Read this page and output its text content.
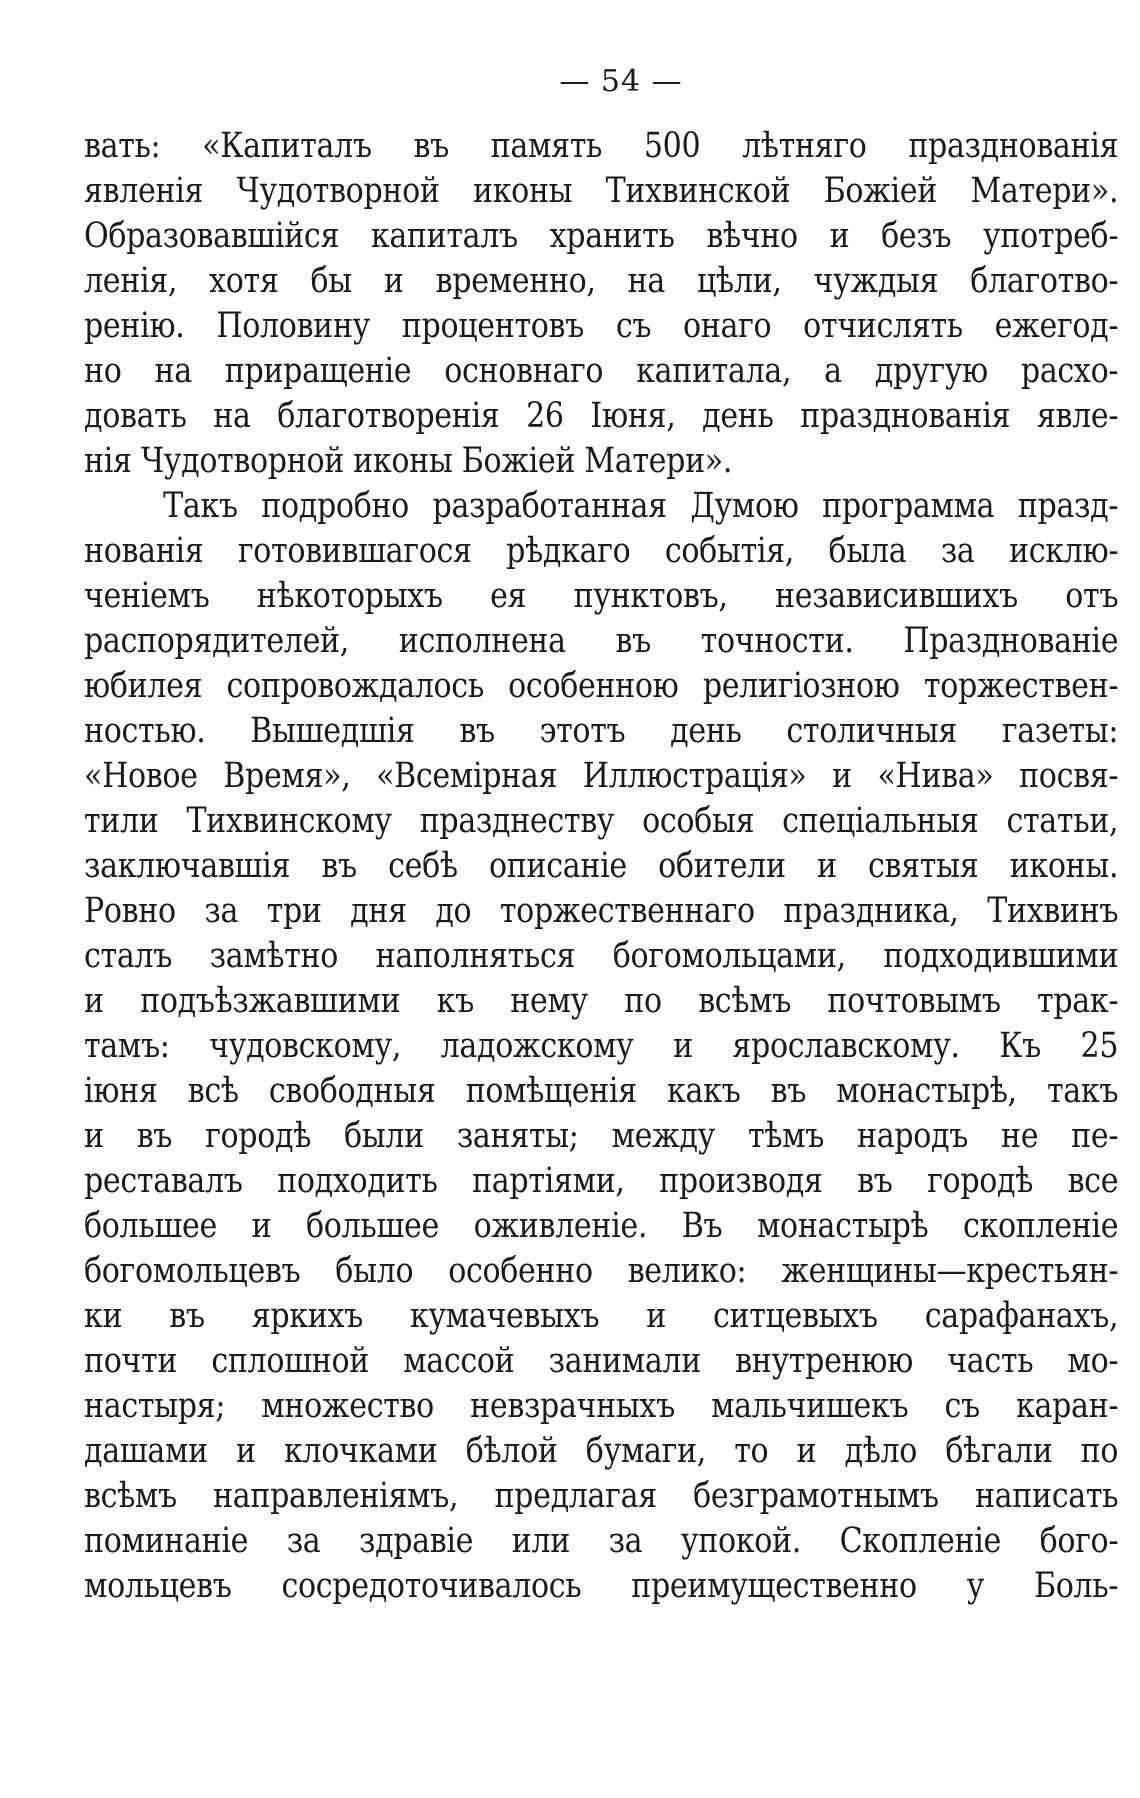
— 54 —
вать: «Капиталъ въ память 500 лѣтняго празднованія
явленія Чудотворной иконы Тихвинской Божіей Матери».
Образовавшійся капиталъ хранить вѣчно и безъ употреб-
ленія, хотя бы и временно, на цѣли, чуждыя благотво-
ренію. Половину процентовъ съ онаго отчислять ежегод-
но на приращеніе основнаго капитала, а другую расхо-
довать на благотворенія 26 Іюня, день празднованія явле-
нія Чудотворной иконы Божіей Матери».
Такъ подробно разработанная Думою программа празд-
нованія готовившагося рѣдкаго событія, была за исклю-
ченіемъ нѣкоторыхъ ея пунктовъ, независившихъ отъ
распорядителей, исполнена въ точности. Празднованіе
юбилея сопровождалось особенною религіозною торжествен-
ностью. Вышедшія въ этотъ день столичныя газеты:
«Новое Время», «Всемірная Иллюстрація» и «Нива» посвя-
тили Тихвинскому празднеству особыя спеціальныя статьи,
заключавшія въ себѣ описаніе обители и святыя иконы.
Ровно за три дня до торжественнаго праздника, Тихвинъ
сталъ замѣтно наполняться богомольцами, подходившими
и подъѣзжавшими къ нему по всѣмъ почтовымъ трак-
тамъ: чудовскому, ладожскому и ярославскому. Къ 25
іюня всѣ свободныя помѣщенія какъ въ монастырѣ, такъ
и въ городѣ были заняты; между тѣмъ народъ не пе-
реставалъ подходить партіями, производя въ городѣ все
большее и большее оживленіе. Въ монастырѣ скопленіе
богомольцевъ было особенно велико: женщины—крестьян-
ки въ яркихъ кумачевыхъ и ситцевыхъ сарафанахъ,
почти сплошной массой занимали внутренюю часть мо-
настыря; множество невзрачныхъ мальчишекъ съ каран-
дашами и клочками бѣлой бумаги, то и дѣло бѣгали по
всѣмъ направленіямъ, предлагая безграмотнымъ написать
поминаніе за здравіе или за упокой. Скопленіе бого-
мольцевъ сосредоточивалось преимущественно у Боль-
